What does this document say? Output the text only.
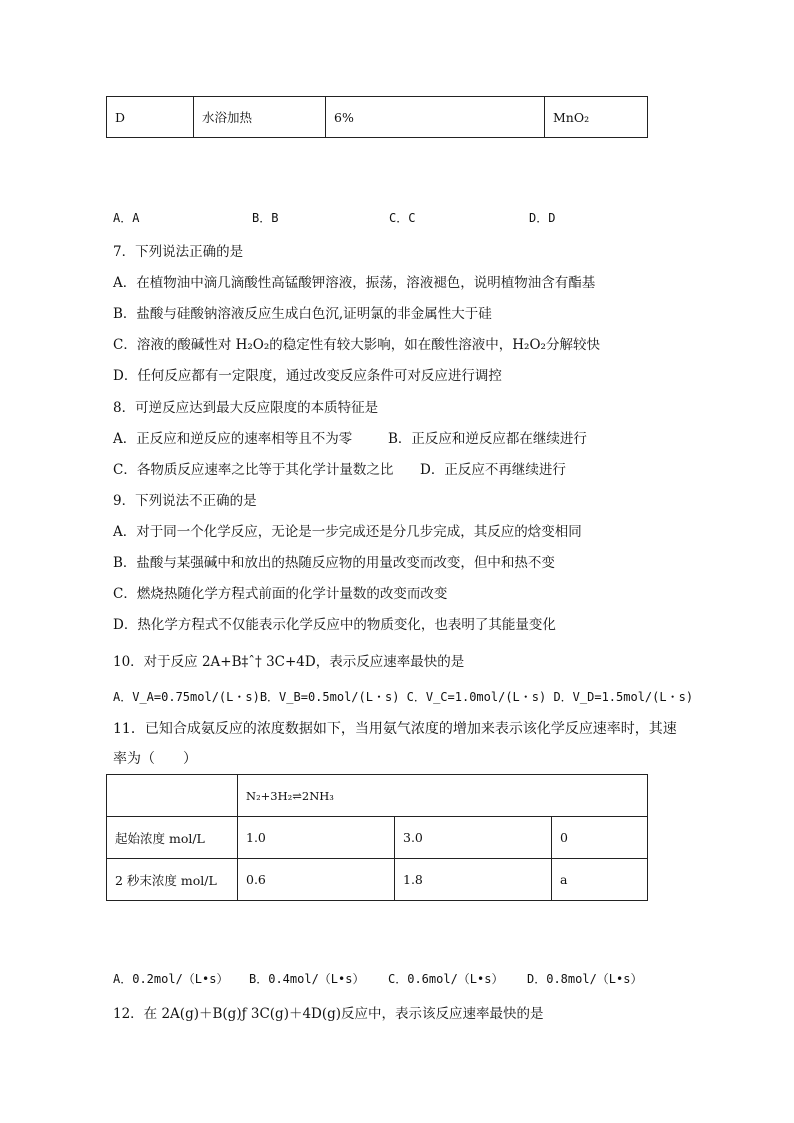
D	水浴加热	6%	MnO₂
A．A	B．B	C．C	D．D
7．下列说法正确的是
A．在植物油中滴几滴酸性高锰酸钾溶液，振荡，溶液褪色，说明植物油含有酯基
B．盐酸与硅酸钠溶液反应生成白色沉,证明氯的非金属性大于硅
C．溶液的酸碱性对 H₂O₂的稳定性有较大影响，如在酸性溶液中，H₂O₂分解较快
D．任何反应都有一定限度，通过改变反应条件可对反应进行调控
8．可逆反应达到最大反应限度的本质特征是
A．正反应和逆反应的速率相等且不为零	B．正反应和逆反应都在继续进行
C．各物质反应速率之比等于其化学计量数之比 D．正反应不再继续进行
9．下列说法不正确的是
A．对于同一个化学反应，无论是一步完成还是分几步完成，其反应的焓变相同
B．盐酸与某强碱中和放出的热随反应物的用量改变而改变，但中和热不变
C．燃烧热随化学方程式前面的化学计量数的改变而改变
D．热化学方程式不仅能表示化学反应中的物质变化，也表明了其能量变化
10．对于反应 2A+B‡ˆ† 3C+4D，表示反应速率最快的是
A．V_A=0.75mol/(L・s)B．V_B=0.5mol/(L・s) C．V_C=1.0mol/(L・s) D．V_D=1.5mol/(L・s)
11．已知合成氨反应的浓度数据如下，当用氨气浓度的增加来表示该化学反应速率时，其速
率为（　　）
	N₂+3H₂⇌2NH₃		
起始浓度 mol/L	1.0	3.0	0
2 秒末浓度 mol/L	0.6	1.8	a
A．0.2mol/（L•s） B．0.4mol/（L•s） C．0.6mol/（L•s） D．0.8mol/（L•s）
12．在 2A(g)＋B(g)ƒ 3C(g)＋4D(g)反应中，表示该反应速率最快的是
